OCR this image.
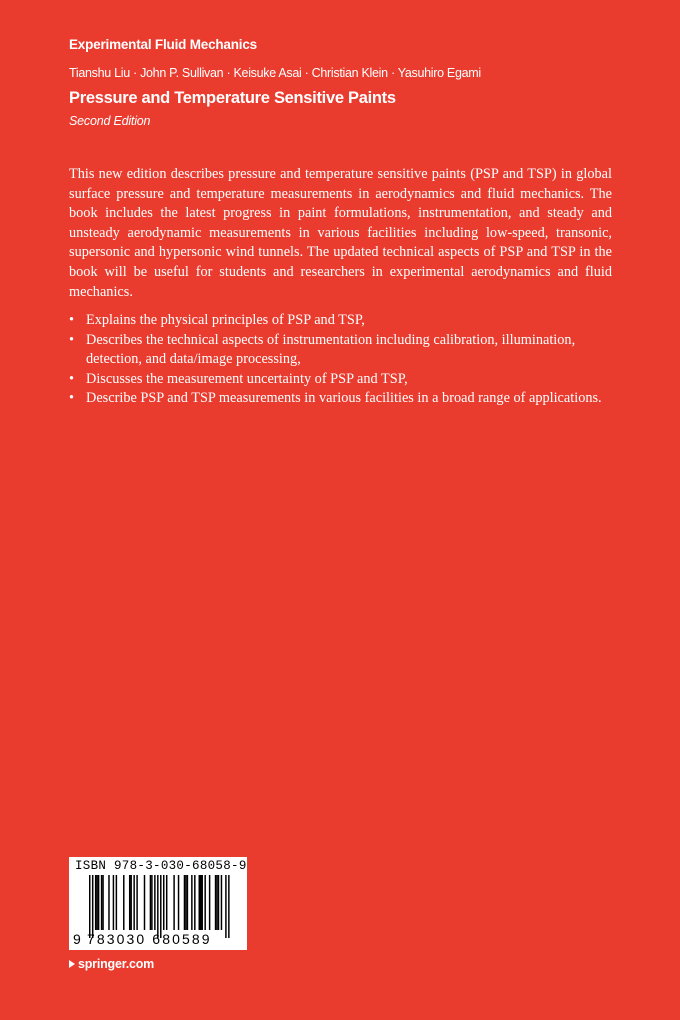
Experimental Fluid Mechanics
Tianshu Liu · John P. Sullivan · Keisuke Asai · Christian Klein · Yasuhiro Egami
Pressure and Temperature Sensitive Paints
Second Edition

This new edition describes pressure and temperature sensitive paints (PSP and TSP) in global surface pressure and temperature measurements in aerodynamics and fluid mechanics. The book includes the latest progress in paint formulations, instrumentation, and steady and unsteady aerodynamic measurements in various facilities including low-speed, transonic, supersonic and hypersonic wind tunnels. The updated technical aspects of PSP and TSP in the book will be useful for students and researchers in experimental aerodynamics and fluid mechanics.

• Explains the physical principles of PSP and TSP,
• Describes the technical aspects of instrumentation including calibration, illumination, detection, and data/image processing,
• Discusses the measurement uncertainty of PSP and TSP,
• Describe PSP and TSP measurements in various facilities in a broad range of applications.
ISBN 978-3-030-68058-9
9 783030 680589
springer.com
